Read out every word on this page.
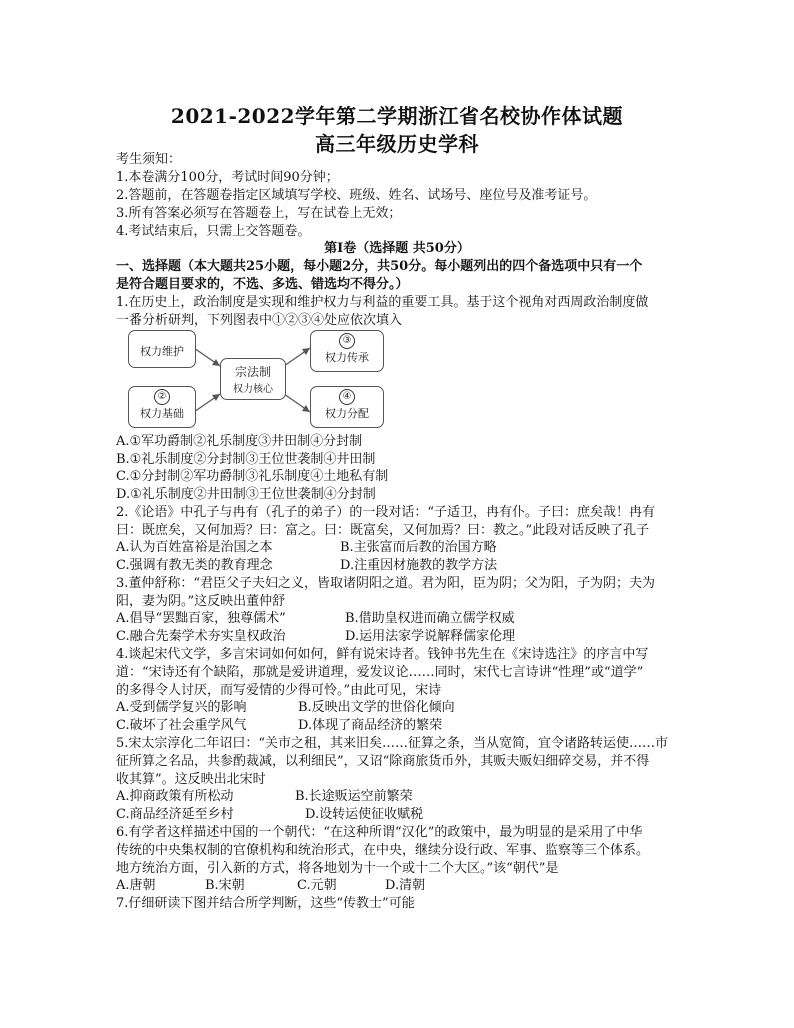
2021-2022学年第二学期浙江省名校协作体试题
高三年级历史学科
考生须知：
1.本卷满分100分，考试时间90分钟；
2.答题前，在答题卷指定区域填写学校、班级、姓名、试场号、座位号及准考证号。
3.所有答案必须写在答题卷上，写在试卷上无效；
4.考试结束后，只需上交答题卷。
第Ⅰ卷（选择题 共50分）
一、选择题（本大题共25小题，每小题2分，共50分。每小题列出的四个备选项中只有一个
是符合题目要求的，不选、多选、错选均不得分。）
1.在历史上，政治制度是实现和维护权力与利益的重要工具。基于这个视角对西周政治制度做
一番分析研判，下列图表中①②③④处应依次填入
权力维护
②
权力基础
宗法制
权力核心
③
权力传承
④
权力分配
A.①军功爵制②礼乐制度③井田制④分封制
B.①礼乐制度②分封制③王位世袭制④井田制
C.①分封制②军功爵制③礼乐制度④土地私有制
D.①礼乐制度②井田制③王位世袭制④分封制
2.《论语》中孔子与冉有（孔子的弟子）的一段对话：“子适卫，冉有仆。子曰：庶矣哉！冉有
曰：既庶矣，又何加焉？曰：富之。曰：既富矣，又何加焉？曰：教之。”此段对话反映了孔子
A.认为百姓富裕是治国之本	B.主张富而后教的治国方略
C.强调有教无类的教育理念	D.注重因材施教的教学方法
3.董仲舒称：“君臣父子夫妇之义，皆取诸阴阳之道。君为阳，臣为阴；父为阳，子为阴；夫为
阳，妻为阴。”这反映出董仲舒
A.倡导“罢黜百家，独尊儒术”	B.借助皇权进而确立儒学权威
C.融合先秦学术夯实皇权政治	D.运用法家学说解释儒家伦理
4.谈起宋代文学，多言宋词如何如何，鲜有说宋诗者。钱钟书先生在《宋诗选注》的序言中写
道：“宋诗还有个缺陷，那就是爱讲道理，爱发议论……同时，宋代七言诗讲“性理”或“道学”
的多得令人讨厌，而写爱情的少得可怜。”由此可见，宋诗
A.受到儒学复兴的影响	B.反映出文学的世俗化倾向
C.破坏了社会重学风气	D.体现了商品经济的繁荣
5.宋太宗淳化二年诏曰：“关市之租，其来旧矣……征算之条，当从宽简，宜令诸路转运使……市
征所算之名品，共参酌裁减，以利细民”，又诏“除商旅货币外，其贩夫贩妇细碎交易，并不得
收其算”。这反映出北宋时
A.抑商政策有所松动	B.长途贩运空前繁荣
C.商品经济延至乡村	D.设转运使征收赋税
6.有学者这样描述中国的一个朝代：“在这种所谓“汉化”的政策中，最为明显的是采用了中华
传统的中央集权制的官僚机构和统治形式，在中央，继续分设行政、军事、监察等三个体系。
地方统治方面，引入新的方式，将各地划为十一个或十二个大区。”该“朝代”是
A.唐朝	B.宋朝	C.元朝	D.清朝
7.仔细研读下图并结合所学判断，这些“传教士”可能
